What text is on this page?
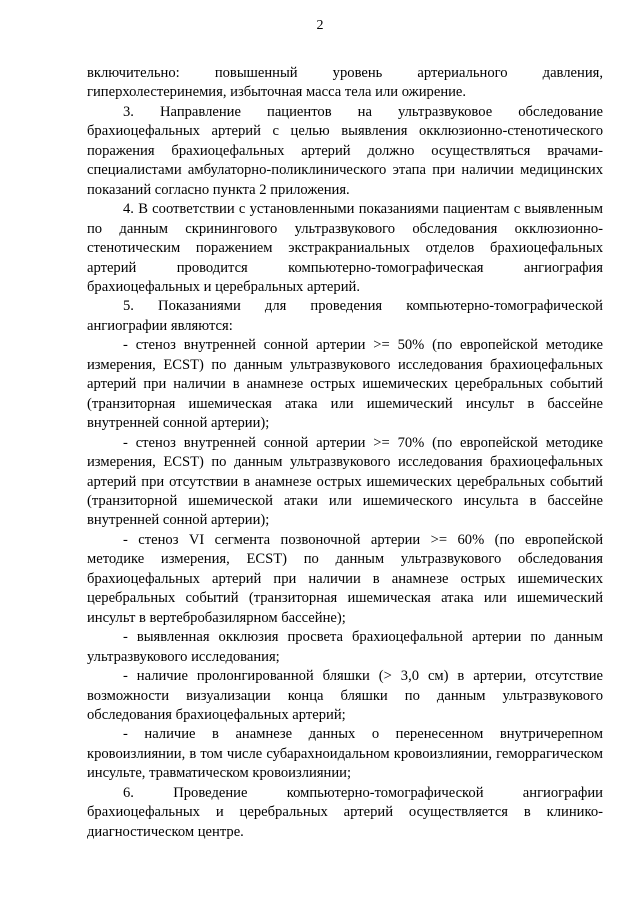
2

включительно: повышенный уровень артериального давления, гиперхолестеринемия, избыточная масса тела или ожирение.

3. Направление пациентов на ультразвуковое обследование брахиоцефальных артерий с целью выявления окклюзионно-стенотического поражения брахиоцефальных артерий должно осуществляться врачами-специалистами амбулаторно-поликлинического этапа при наличии медицинских показаний согласно пункта 2 приложения.

4. В соответствии с установленными показаниями пациентам с выявленным по данным скринингового ультразвукового обследования окклюзионно-стенотическим поражением экстракраниальных отделов брахиоцефальных артерий проводится компьютерно-томографическая ангиография брахиоцефальных и церебральных артерий.

5. Показаниями для проведения компьютерно-томографической ангиографии являются:

- стеноз внутренней сонной артерии >= 50% (по европейской методике измерения, ECST) по данным ультразвукового исследования брахиоцефальных артерий при наличии в анамнезе острых ишемических церебральных событий (транзиторная ишемическая атака или ишемический инсульт в бассейне внутренней сонной артерии);

- стеноз внутренней сонной артерии >= 70% (по европейской методике измерения, ECST) по данным ультразвукового исследования брахиоцефальных артерий при отсутствии в анамнезе острых ишемических церебральных событий (транзиторной ишемической атаки или ишемического инсульта в бассейне внутренней сонной артерии);

- стеноз VI сегмента позвоночной артерии >= 60% (по европейской методике измерения, ECST) по данным ультразвукового обследования брахиоцефальных артерий при наличии в анамнезе острых ишемических церебральных событий (транзиторная ишемическая атака или ишемический инсульт в вертебробазилярном бассейне);

- выявленная окклюзия просвета брахиоцефальной артерии по данным ультразвукового исследования;

- наличие пролонгированной бляшки (> 3,0 см) в артерии, отсутствие возможности визуализации конца бляшки по данным ультразвукового обследования брахиоцефальных артерий;

- наличие в анамнезе данных о перенесенном внутричерепном кровоизлиянии, в том числе субарахноидальном кровоизлиянии, геморрагическом инсульте, травматическом кровоизлиянии;

6. Проведение компьютерно-томографической ангиографии брахиоцефальных и церебральных артерий осуществляется в клинико-диагностическом центре.
